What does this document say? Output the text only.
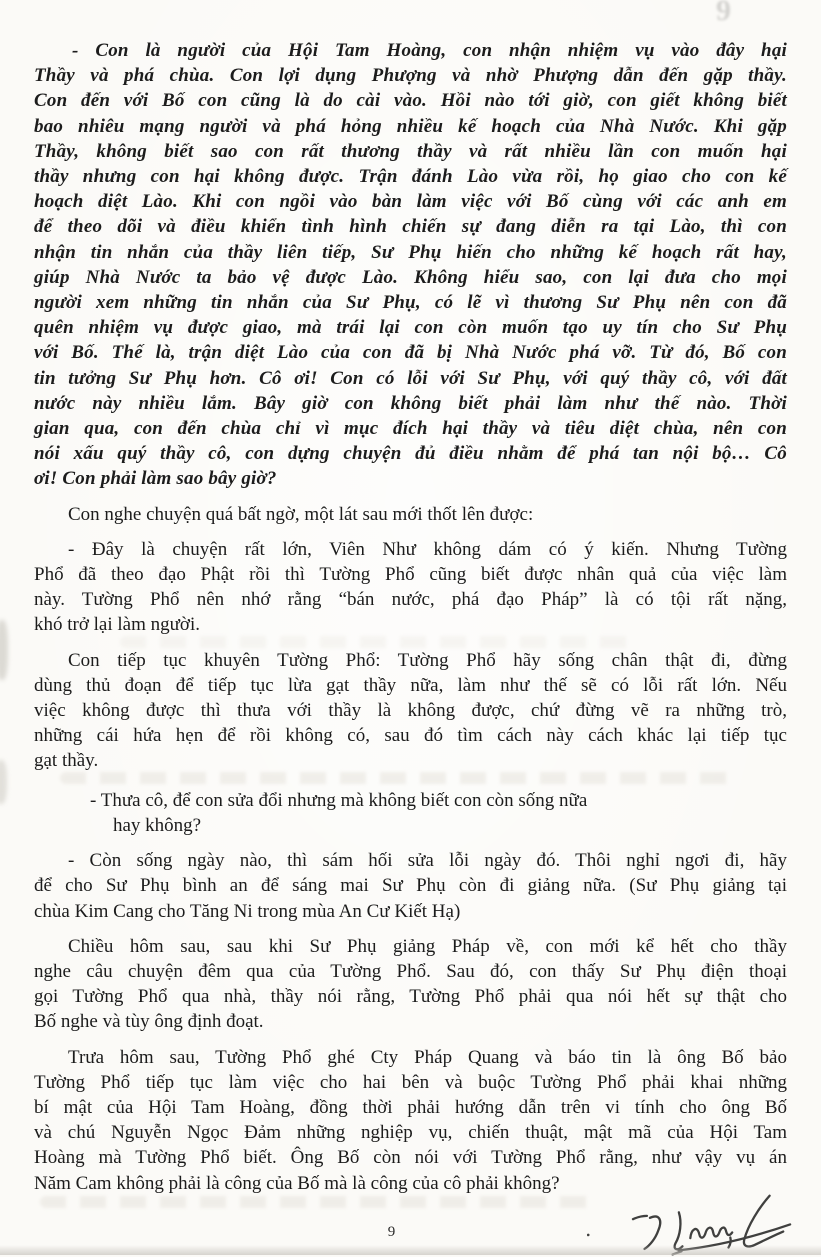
9
- Con là người của Hội Tam Hoàng, con nhận nhiệm vụ vào đây hại
Thầy và phá chùa. Con lợi dụng Phượng và nhờ Phượng dẫn đến gặp thầy.
Con đến với Bố con cũng là do cài vào. Hồi nào tới giờ, con giết không biết
bao nhiêu mạng người và phá hỏng nhiều kế hoạch của Nhà Nước. Khi gặp
Thầy, không biết sao con rất thương thầy và rất nhiều lần con muốn hại
thầy nhưng con hại không được. Trận đánh Lào vừa rồi, họ giao cho con kế
hoạch diệt Lào. Khi con ngồi vào bàn làm việc với Bố cùng với các anh em
để theo dõi và điều khiển tình hình chiến sự đang diễn ra tại Lào, thì con
nhận tin nhắn của thầy liên tiếp, Sư Phụ hiến cho những kế hoạch rất hay,
giúp Nhà Nước ta bảo vệ được Lào. Không hiểu sao, con lại đưa cho mọi
người xem những tin nhắn của Sư Phụ, có lẽ vì thương Sư Phụ nên con đã
quên nhiệm vụ được giao, mà trái lại con còn muốn tạo uy tín cho Sư Phụ
với Bố. Thế là, trận diệt Lào của con đã bị Nhà Nước phá vỡ. Từ đó, Bố con
tin tưởng Sư Phụ hơn. Cô ơi! Con có lỗi với Sư Phụ, với quý thầy cô, với đất
nước này nhiều lắm. Bây giờ con không biết phải làm như thế nào. Thời
gian qua, con đến chùa chỉ vì mục đích hại thầy và tiêu diệt chùa, nên con
nói xấu quý thầy cô, con dựng chuyện đủ điều nhằm để phá tan nội bộ… Cô
ơi! Con phải làm sao bây giờ?
Con nghe chuyện quá bất ngờ, một lát sau mới thốt lên được:
- Đây là chuyện rất lớn, Viên Như không dám có ý kiến. Nhưng Tường
Phổ đã theo đạo Phật rồi thì Tường Phổ cũng biết được nhân quả của việc làm
này. Tường Phổ nên nhớ rằng “bán nước, phá đạo Pháp” là có tội rất nặng,
khó trở lại làm người.
Con tiếp tục khuyên Tường Phổ: Tường Phổ hãy sống chân thật đi, đừng
dùng thủ đoạn để tiếp tục lừa gạt thầy nữa, làm như thế sẽ có lỗi rất lớn. Nếu
việc không được thì thưa với thầy là không được, chứ đừng vẽ ra những trò,
những cái hứa hẹn để rồi không có, sau đó tìm cách này cách khác lại tiếp tục
gạt thầy.
- Thưa cô, để con sửa đổi nhưng mà không biết con còn sống nữa
hay không?
- Còn sống ngày nào, thì sám hối sửa lỗi ngày đó. Thôi nghỉ ngơi đi, hãy
để cho Sư Phụ bình an để sáng mai Sư Phụ còn đi giảng nữa. (Sư Phụ giảng tại
chùa Kim Cang cho Tăng Ni trong mùa An Cư Kiết Hạ)
Chiều hôm sau, sau khi Sư Phụ giảng Pháp về, con mới kể hết cho thầy
nghe câu chuyện đêm qua của Tường Phổ. Sau đó, con thấy Sư Phụ điện thoại
gọi Tường Phổ qua nhà, thầy nói rằng, Tường Phổ phải qua nói hết sự thật cho
Bố nghe và tùy ông định đoạt.
Trưa hôm sau, Tường Phổ ghé Cty Pháp Quang và báo tin là ông Bố bảo
Tường Phổ tiếp tục làm việc cho hai bên và buộc Tường Phổ phải khai những
bí mật của Hội Tam Hoàng, đồng thời phải hướng dẫn trên vi tính cho ông Bố
và chú Nguyễn Ngọc Đảm những nghiệp vụ, chiến thuật, mật mã của Hội Tam
Hoàng mà Tường Phổ biết. Ông Bố còn nói với Tường Phổ rằng, như vậy vụ án
Năm Cam không phải là công của Bố mà là công của cô phải không?
9
